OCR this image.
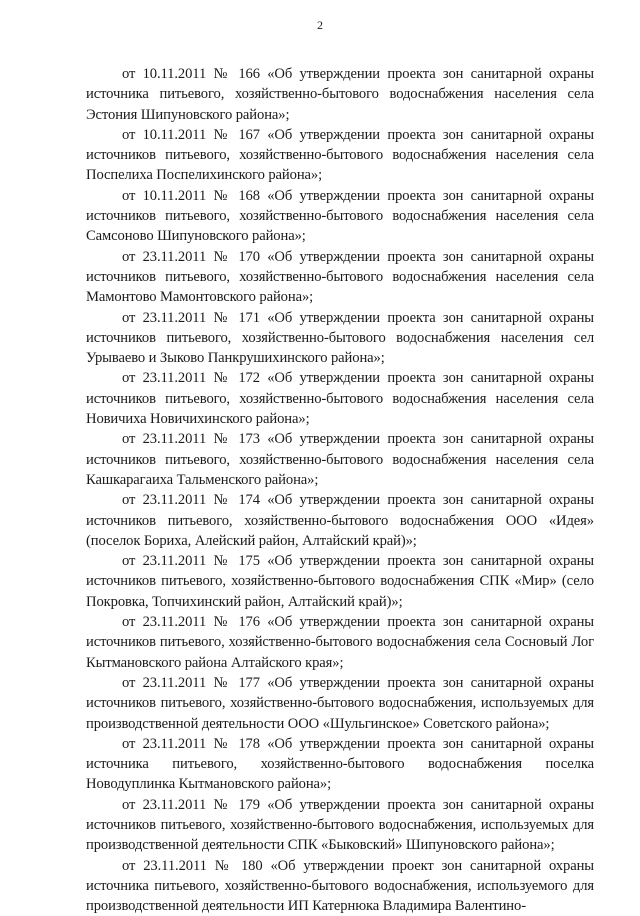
2

от 10.11.2011 № 166 «Об утверждении проекта зон санитарной охраны источника питьевого, хозяйственно-бытового водоснабжения населения села Эстония Шипуновского района»;

от 10.11.2011 № 167 «Об утверждении проекта зон санитарной охраны источников питьевого, хозяйственно-бытового водоснабжения населения села Поспелиха Поспелихинского района»;

от 10.11.2011 № 168 «Об утверждении проекта зон санитарной охраны источников питьевого, хозяйственно-бытового водоснабжения населения села Самсоново Шипуновского района»;

от 23.11.2011 № 170 «Об утверждении проекта зон санитарной охраны источников питьевого, хозяйственно-бытового водоснабжения населения села Мамонтово Мамонтовского района»;

от 23.11.2011 № 171 «Об утверждении проекта зон санитарной охраны источников питьевого, хозяйственно-бытового водоснабжения населения сел Урываево и Зыково Панкрушихинского района»;

от 23.11.2011 № 172 «Об утверждении проекта зон санитарной охраны источников питьевого, хозяйственно-бытового водоснабжения населения села Новичиха Новичихинского района»;

от 23.11.2011 № 173 «Об утверждении проекта зон санитарной охраны источников питьевого, хозяйственно-бытового водоснабжения населения села Кашкарагаиха Тальменского района»;

от 23.11.2011 № 174 «Об утверждении проекта зон санитарной охраны источников питьевого, хозяйственно-бытового водоснабжения ООО «Идея» (поселок Бориха, Алейский район, Алтайский край)»;

от 23.11.2011 № 175 «Об утверждении проекта зон санитарной охраны источников питьевого, хозяйственно-бытового водоснабжения СПК «Мир» (село Покровка, Топчихинский район, Алтайский край)»;

от 23.11.2011 № 176 «Об утверждении проекта зон санитарной охраны источников питьевого, хозяйственно-бытового водоснабжения села Сосновый Лог Кытмановского района Алтайского края»;

от 23.11.2011 № 177 «Об утверждении проекта зон санитарной охраны источников питьевого, хозяйственно-бытового водоснабжения, используемых для производственной деятельности ООО «Шульгинское» Советского района»;

от 23.11.2011 № 178 «Об утверждении проекта зон санитарной охраны источника питьевого, хозяйственно-бытового водоснабжения поселка Новодуплинка Кытмановского района»;

от 23.11.2011 № 179 «Об утверждении проекта зон санитарной охраны источников питьевого, хозяйственно-бытового водоснабжения, используемых для производственной деятельности СПК «Быковский» Шипуновского района»;

от 23.11.2011 № 180 «Об утверждении проект зон санитарной охраны источника питьевого, хозяйственно-бытового водоснабжения, используемого для производственной деятельности ИП Катернюка Владимира Валентино-
